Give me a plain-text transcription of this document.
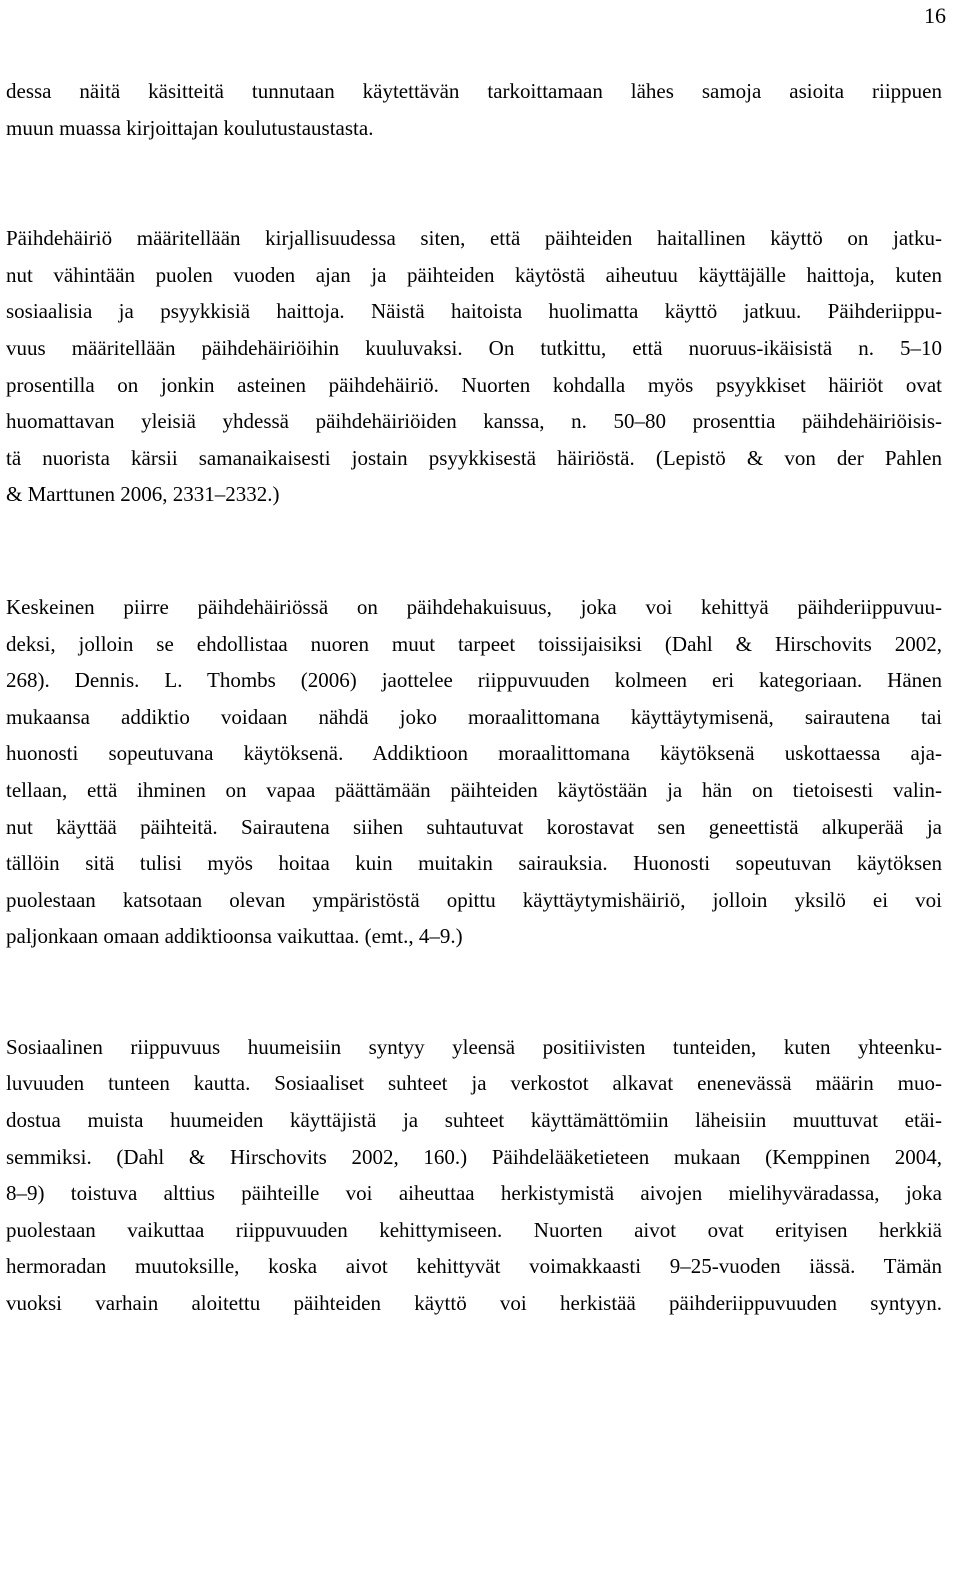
16

dessa näitä käsitteitä tunnutaan käytettävän tarkoittamaan lähes samoja asioita riippuen
muun muassa kirjoittajan koulutustaustasta.

Päihdehäiriö määritellään kirjallisuudessa siten, että päihteiden haitallinen käyttö on jatku-
nut vähintään puolen vuoden ajan ja päihteiden käytöstä aiheutuu käyttäjälle haittoja, kuten
sosiaalisia ja psyykkisiä haittoja. Näistä haitoista huolimatta käyttö jatkuu. Päihderiippu-
vuus määritellään päihdehäiriöihin kuuluvaksi. On tutkittu, että nuoruus-ikäisistä n. 5–10
prosentilla on jonkin asteinen päihdehäiriö. Nuorten kohdalla myös psyykkiset häiriöt ovat
huomattavan yleisiä yhdessä päihdehäiriöiden kanssa, n. 50–80 prosenttia päihdehäiriöisis-
tä nuorista kärsii samanaikaisesti jostain psyykkisestä häiriöstä. (Lepistö & von der Pahlen
& Marttunen 2006, 2331–2332.)

Keskeinen piirre päihdehäiriössä on päihdehakuisuus, joka voi kehittyä päihderiippuvuu-
deksi, jolloin se ehdollistaa nuoren muut tarpeet toissijaisiksi (Dahl & Hirschovits 2002,
268). Dennis. L. Thombs (2006) jaottelee riippuvuuden kolmeen eri kategoriaan. Hänen
mukaansa addiktio voidaan nähdä joko moraalittomana käyttäytymisenä, sairautena tai
huonosti sopeutuvana käytöksenä. Addiktioon moraalittomana käytöksenä uskottaessa aja-
tellaan, että ihminen on vapaa päättämään päihteiden käytöstään ja hän on tietoisesti valin-
nut käyttää päihteitä. Sairautena siihen suhtautuvat korostavat sen geneettistä alkuperää ja
tällöin sitä tulisi myös hoitaa kuin muitakin sairauksia. Huonosti sopeutuvan käytöksen
puolestaan katsotaan olevan ympäristöstä opittu käyttäytymishäiriö, jolloin yksilö ei voi
paljonkaan omaan addiktioonsa vaikuttaa. (emt., 4–9.)

Sosiaalinen riippuvuus huumeisiin syntyy yleensä positiivisten tunteiden, kuten yhteenku-
luvuuden tunteen kautta. Sosiaaliset suhteet ja verkostot alkavat enenevässä määrin muo-
dostua muista huumeiden käyttäjistä ja suhteet käyttämättömiin läheisiin muuttuvat etäi-
semmiksi. (Dahl & Hirschovits 2002, 160.) Päihdelääketieteen mukaan (Kemppinen 2004,
8–9) toistuva alttius päihteille voi aiheuttaa herkistymistä aivojen mielihyväradassa, joka
puolestaan vaikuttaa riippuvuuden kehittymiseen. Nuorten aivot ovat erityisen herkkiä
hermoradan muutoksille, koska aivot kehittyvät voimakkaasti 9–25-vuoden iässä. Tämän
vuoksi varhain aloitettu päihteiden käyttö voi herkistää päihderiippuvuuden syntyyn.
